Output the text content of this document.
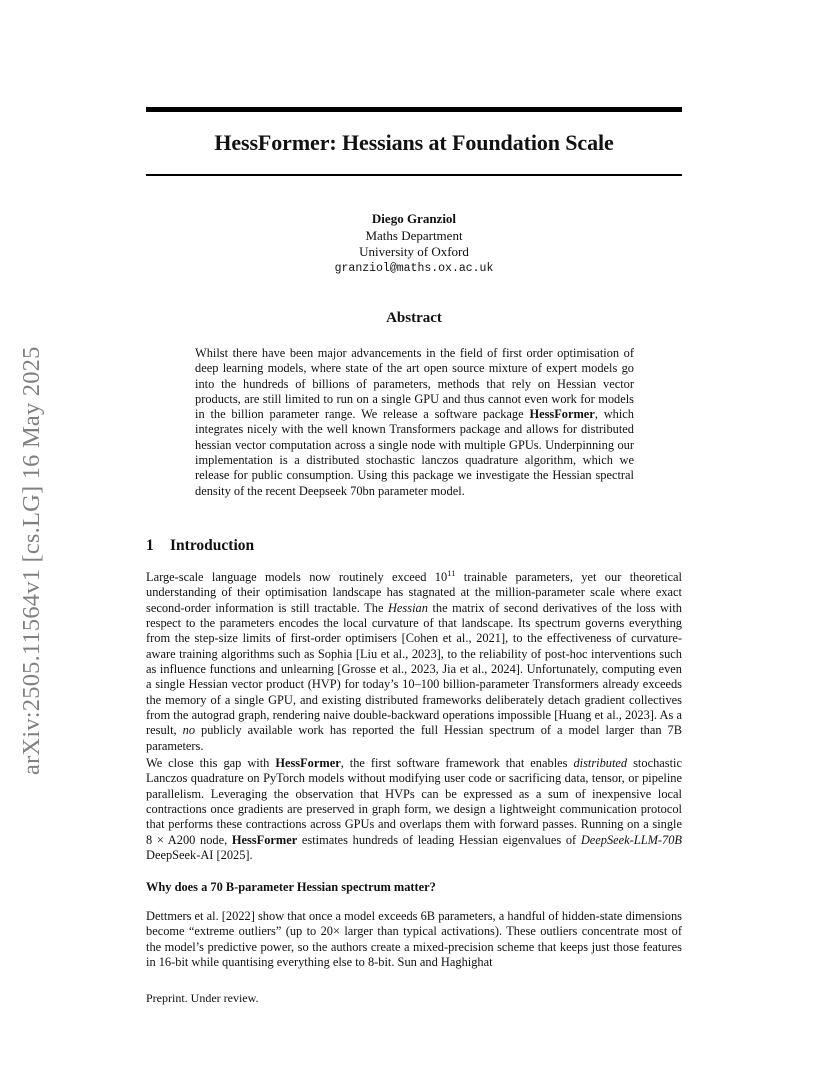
arXiv:2505.11564v1 [cs.LG] 16 May 2025
HessFormer: Hessians at Foundation Scale
Diego Granziol
Maths Department
University of Oxford
granziol@maths.ox.ac.uk
Abstract
Whilst there have been major advancements in the field of first order optimisation of deep learning models, where state of the art open source mixture of expert models go into the hundreds of billions of parameters, methods that rely on Hessian vector products, are still limited to run on a single GPU and thus cannot even work for models in the billion parameter range. We release a software package HessFormer, which integrates nicely with the well known Transformers package and allows for distributed hessian vector computation across a single node with multiple GPUs. Underpinning our implementation is a distributed stochastic lanczos quadrature algorithm, which we release for public consumption. Using this package we investigate the Hessian spectral density of the recent Deepseek 70bn parameter model.
1 Introduction
Large-scale language models now routinely exceed $10^{11}$ trainable parameters, yet our theoretical understanding of their optimisation landscape has stagnated at the million-parameter scale where exact second-order information is still tractable. The Hessian the matrix of second derivatives of the loss with respect to the parameters encodes the local curvature of that landscape. Its spectrum governs everything from the step-size limits of first-order optimisers [Cohen et al., 2021], to the effectiveness of curvature-aware training algorithms such as Sophia [Liu et al., 2023], to the reliability of post-hoc interventions such as influence functions and unlearning [Grosse et al., 2023, Jia et al., 2024]. Unfortunately, computing even a single Hessian vector product (HVP) for today’s 10–100 billion-parameter Transformers already exceeds the memory of a single GPU, and existing distributed frameworks deliberately detach gradient collectives from the autograd graph, rendering naive double-backward operations impossible [Huang et al., 2023]. As a result, no publicly available work has reported the full Hessian spectrum of a model larger than 7B parameters.
We close this gap with HessFormer, the first software framework that enables distributed stochastic Lanczos quadrature on PyTorch models without modifying user code or sacrificing data, tensor, or pipeline parallelism. Leveraging the observation that HVPs can be expressed as a sum of inexpensive local contractions once gradients are preserved in graph form, we design a lightweight communication protocol that performs these contractions across GPUs and overlaps them with forward passes. Running on a single 8 × A200 node, HessFormer estimates hundreds of leading Hessian eigenvalues of DeepSeek-LLM-70B DeepSeek-AI [2025].
Why does a 70 B-parameter Hessian spectrum matter?
Dettmers et al. [2022] show that once a model exceeds 6B parameters, a handful of hidden-state dimensions become “extreme outliers” (up to 20× larger than typical activations). These outliers concentrate most of the model’s predictive power, so the authors create a mixed-precision scheme that keeps just those features in 16-bit while quantising everything else to 8-bit. Sun and Haghighat
Preprint. Under review.
